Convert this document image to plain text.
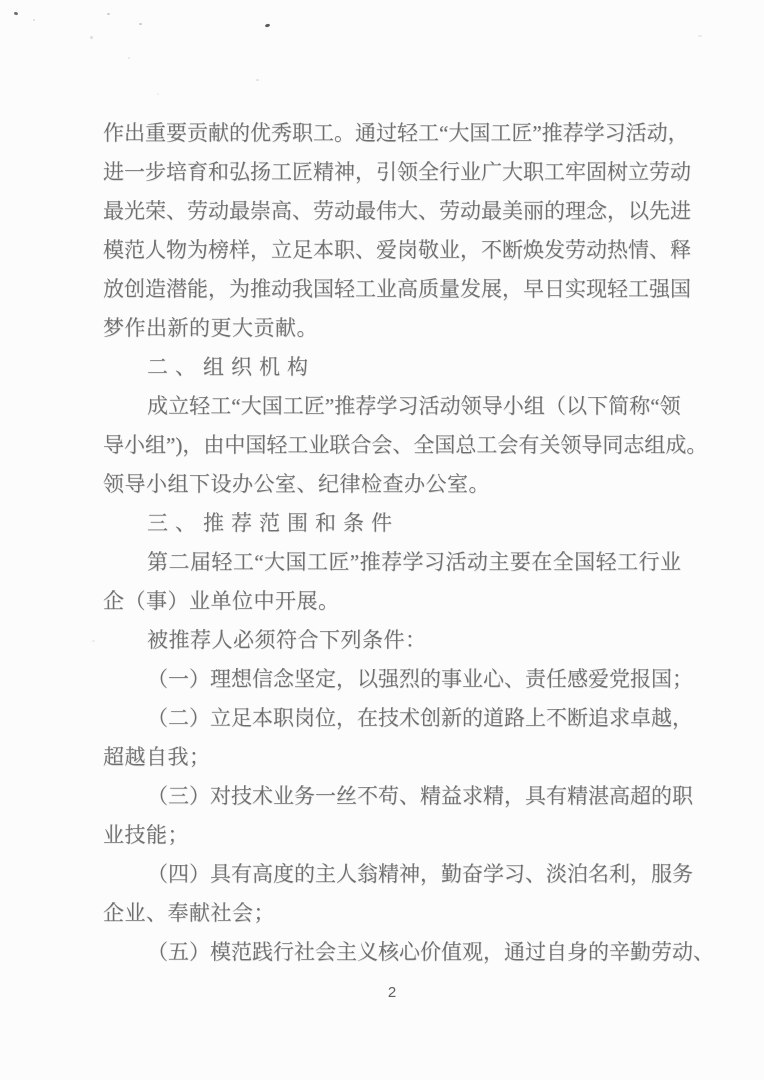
作 出 重 要 贡 献 的 优 秀 职 工 。 通 过 轻 工 “ 大 国 工 匠 ” 推 荐 学 习 活 动 ，
进 一 步 培 育 和 弘 扬 工 匠 精 神 ， 引 领 全 行 业 广 大 职 工 牢 固 树 立 劳 动
最 光 荣 、 劳 动 最 崇 高 、 劳 动 最 伟 大 、 劳 动 最 美 丽 的 理 念 ， 以 先 进
模 范 人 物 为 榜 样 ， 立 足 本 职 、 爱 岗 敬 业 ， 不 断 焕 发 劳 动 热 情 、 释
放 创 造 潜 能 ， 为 推 动 我 国 轻 工 业 高 质 量 发 展 ， 早 日 实 现 轻 工 强 国
梦作出新的更大贡献。
二、组织机构
成 立 轻 工 “ 大 国 工 匠 ” 推 荐 学 习 活 动 领 导 小 组 （ 以 下 简 称 “ 领
导 小 组 ” ) ， 由 中 国 轻 工 业 联 合 会 、 全 国 总 工 会 有 关 领 导 同 志 组 成 。
领导小组下设办公室、纪律检查办公室。
三、推荐范围和条件
第 二 届 轻 工 “ 大 国 工 匠 ” 推 荐 学 习 活 动 主 要 在 全 国 轻 工 行 业
企（事）业单位中开展。
被推荐人必须符合下列条件：
（ 一 ） 理 想 信 念 坚 定 ， 以 强 烈 的 事 业 心 、 责 任 感 爱 党 报 国 ；
（ 二 ） 立 足 本 职 岗 位 ， 在 技 术 创 新 的 道 路 上 不 断 追 求 卓 越 ，
超越自我；
（ 三 ） 对 技 术 业 务 一 丝 不 苟 、 精 益 求 精 ， 具 有 精 湛 高 超 的 职
业技能；
（ 四 ） 具 有 高 度 的 主 人 翁 精 神 ， 勤 奋 学 习 、 淡 泊 名 利 ， 服 务
企业、奉献社会；
（ 五 ） 模 范 践 行 社 会 主 义 核 心 价 值 观 ， 通 过 自 身 的 辛 勤 劳 动 、
2
